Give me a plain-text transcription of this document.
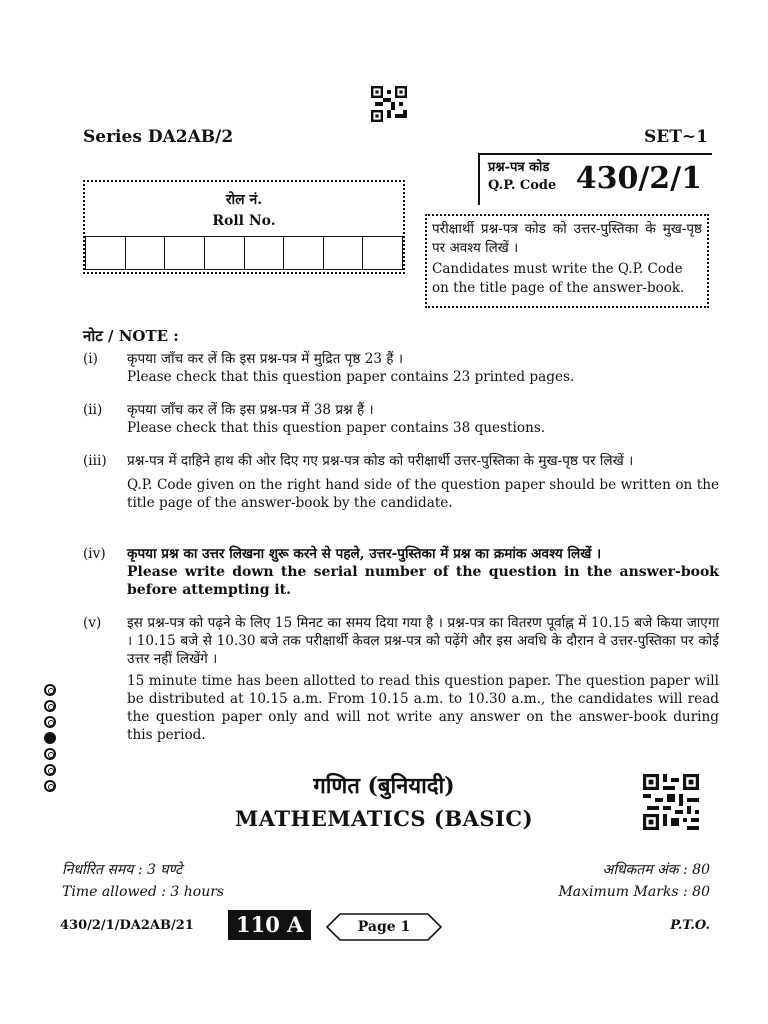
Series DA2AB/2	SET~1
प्रश्न-पत्र कोड
Q.P. Code 430/2/1
रोल नं.
Roll No.	परीक्षार्थी प्रश्न-पत्र कोड को उत्तर-पुस्तिका के मुख-पृष्ठ पर अवश्य लिखें ।
Candidates must write the Q.P. Code on the title page of the answer-book.
नोट / NOTE :
(i) कृपया जाँच कर लें कि इस प्रश्न-पत्र में मुद्रित पृष्ठ 23 हैं ।
Please check that this question paper contains 23 printed pages.
(ii) कृपया जाँच कर लें कि इस प्रश्न-पत्र में 38 प्रश्न हैं ।
Please check that this question paper contains 38 questions.
(iii) प्रश्न-पत्र में दाहिने हाथ की ओर दिए गए प्रश्न-पत्र कोड को परीक्षार्थी उत्तर-पुस्तिका के मुख-पृष्ठ पर लिखें ।
Q.P. Code given on the right hand side of the question paper should be written on the title page of the answer-book by the candidate.
(iv) कृपया प्रश्न का उत्तर लिखना शुरू करने से पहले, उत्तर-पुस्तिका में प्रश्न का क्रमांक अवश्य लिखें ।
Please write down the serial number of the question in the answer-book before attempting it.
(v) इस प्रश्न-पत्र को पढ़ने के लिए 15 मिनट का समय दिया गया है । प्रश्न-पत्र का वितरण पूर्वाह्न में 10.15 बजे किया जाएगा । 10.15 बजे से 10.30 बजे तक परीक्षार्थी केवल प्रश्न-पत्र को पढ़ेंगे और इस अवधि के दौरान वे उत्तर-पुस्तिका पर कोई उत्तर नहीं लिखेंगे ।
15 minute time has been allotted to read this question paper. The question paper will be distributed at 10.15 a.m. From 10.15 a.m. to 10.30 a.m., the candidates will read the question paper only and will not write any answer on the answer-book during this period.
गणित (बुनियादी)
MATHEMATICS (BASIC)
निर्धारित समय : 3 घण्टे
Time allowed : 3 hours
अधिकतम अंक : 80
Maximum Marks : 80
430/2/1/DA2AB/21	110 A	Page 1	P.T.O.
